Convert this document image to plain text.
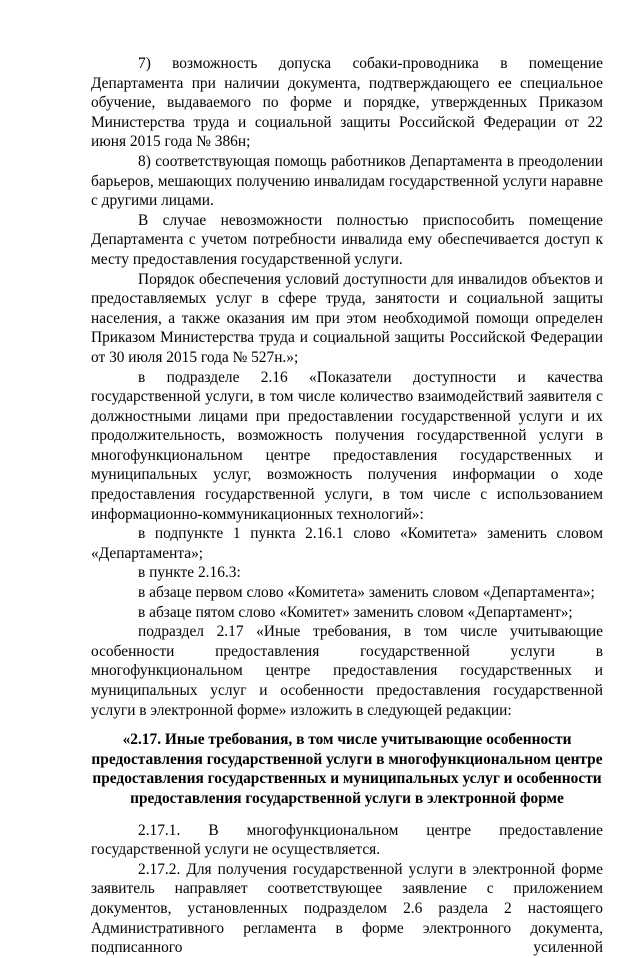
7) возможность допуска собаки-проводника в помещение Департамента при наличии документа, подтверждающего ее специальное обучение, выдаваемого по форме и порядке, утвержденных Приказом Министерства труда и социальной защиты Российской Федерации от 22 июня 2015 года № 386н;

8) соответствующая помощь работников Департамента в преодолении барьеров, мешающих получению инвалидам государственной услуги наравне с другими лицами.

В случае невозможности полностью приспособить помещение Департамента с учетом потребности инвалида ему обеспечивается доступ к месту предоставления государственной услуги.

Порядок обеспечения условий доступности для инвалидов объектов и предоставляемых услуг в сфере труда, занятости и социальной защиты населения, а также оказания им при этом необходимой помощи определен Приказом Министерства труда и социальной защиты Российской Федерации от 30 июля 2015 года № 527н.»;

в подразделе 2.16 «Показатели доступности и качества государственной услуги, в том числе количество взаимодействий заявителя с должностными лицами при предоставлении государственной услуги и их продолжительность, возможность получения государственной услуги в многофункциональном центре предоставления государственных и муниципальных услуг, возможность получения информации о ходе предоставления государственной услуги, в том числе с использованием информационно-коммуникационных технологий»:

в подпункте 1 пункта 2.16.1 слово «Комитета» заменить словом «Департамента»;

в пункте 2.16.3:

в абзаце первом слово «Комитета» заменить словом «Департамента»;

в абзаце пятом слово «Комитет» заменить словом «Департамент»;

подраздел 2.17 «Иные требования, в том числе учитывающие особенности предоставления государственной услуги в многофункциональном центре предоставления государственных и муниципальных услуг и особенности предоставления государственной услуги в электронной форме» изложить в следующей редакции:

«2.17. Иные требования, в том числе учитывающие особенности
предоставления государственной услуги в многофункциональном центре
предоставления государственных и муниципальных услуг и особенности
предоставления государственной услуги в электронной форме

2.17.1. В многофункциональном центре предоставление государственной услуги не осуществляется.

2.17.2. Для получения государственной услуги в электронной форме заявитель направляет соответствующее заявление с приложением документов, установленных подразделом 2.6 раздела 2 настоящего Административного регламента в форме электронного документа, подписанного усиленной
